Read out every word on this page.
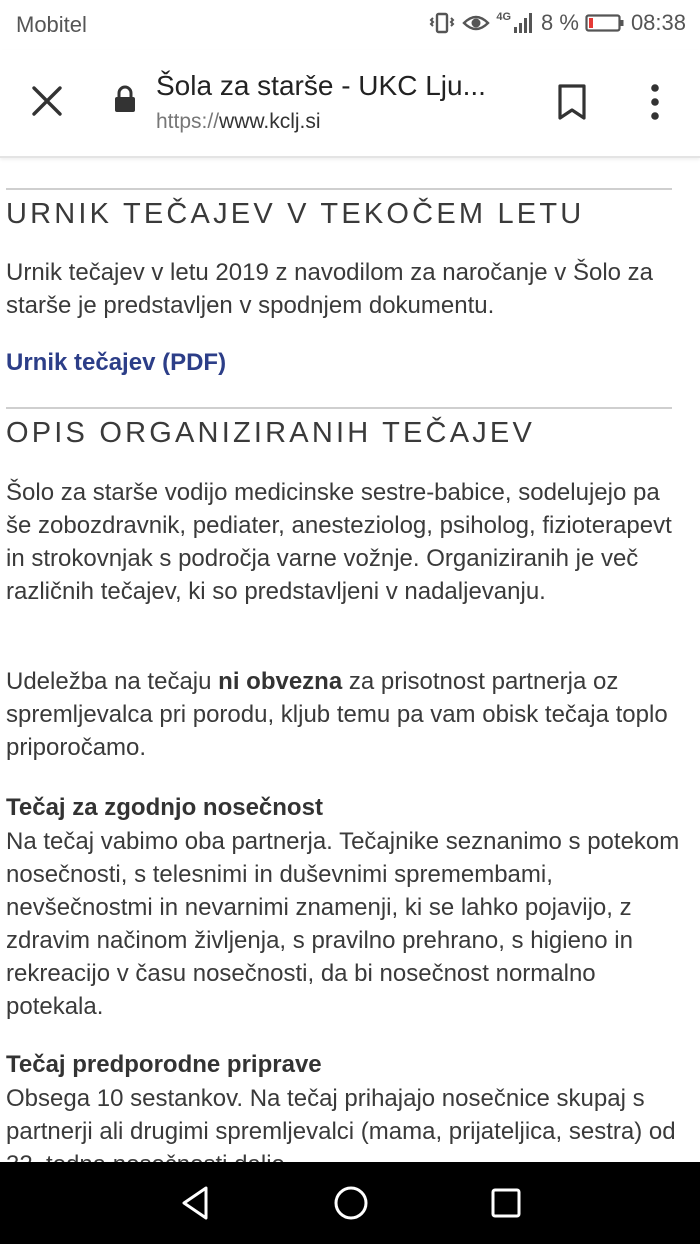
Mobitel	4G 8 % 08:38
Šola za starše - UKC Lju...
https://www.kclj.si
URNIK TEČAJEV V TEKOČEM LETU
Urnik tečajev v letu 2019 z navodilom za naročanje v Šolo za starše je predstavljen v spodnjem dokumentu.
Urnik tečajev (PDF)
OPIS ORGANIZIRANIH TEČAJEV
Šolo za starše vodijo medicinske sestre-babice, sodelujejo pa še zobozdravnik, pediater, anesteziolog, psiholog, fizioterapevt in strokovnjak s področja varne vožnje. Organiziranih je več različnih tečajev, ki so predstavljeni v nadaljevanju.
Udeležba na tečaju ni obvezna za prisotnost partnerja oz spremljevalca pri porodu, kljub temu pa vam obisk tečaja toplo priporočamo.
Tečaj za zgodnjo nosečnost
Na tečaj vabimo oba partnerja. Tečajnike seznanimo s potekom nosečnosti, s telesnimi in duševnimi spremembami, nevšečnostmi in nevarnimi znamenji, ki se lahko pojavijo, z zdravim načinom življenja, s pravilno prehrano, s higieno in rekreacijo v času nosečnosti, da bi nosečnost normalno potekala.
Tečaj predporodne priprave
Obsega 10 sestankov. Na tečaj prihajajo nosečnice skupaj s partnerji ali drugimi spremljevalci (mama, prijateljica, sestra) od
